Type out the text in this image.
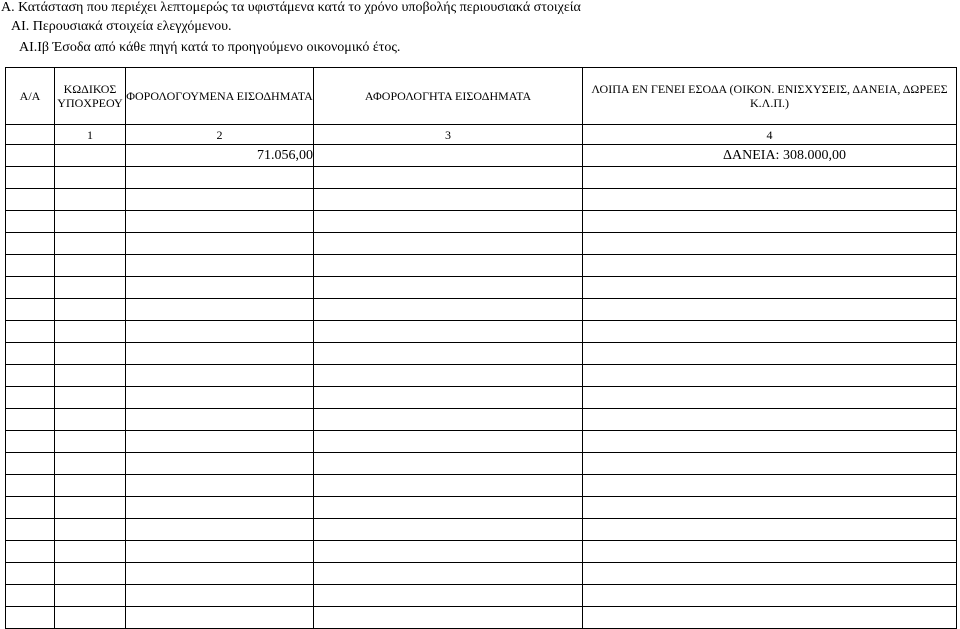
Α. Κατάσταση που περιέχει λεπτομερώς τα υφιστάμενα κατά το χρόνο υποβολής περιουσιακά στοιχεία
ΑΙ. Περουσιακά στοιχεία ελεγχόμενου.
ΑΙ.Ιβ Έσοδα από κάθε πηγή κατά το προηγούμενο οικονομικό έτος.
Α/Α	ΚΩΔΙΚΟΣ ΥΠΟΧΡΕΟΥ	ΦΟΡΟΛΟΓΟΥΜΕΝΑ ΕΙΣΟΔΗΜΑΤΑ	ΑΦΟΡΟΛΟΓΗΤΑ ΕΙΣΟΔΗΜΑΤΑ	ΛΟΙΠΑ ΕΝ ΓΕΝΕΙ ΕΣΟΔΑ (ΟΙΚΟΝ. ΕΝΙΣΧΥΣΕΙΣ, ΔΑΝΕΙΑ, ΔΩΡΕΕΣ Κ.Λ.Π.)
	1	2	3	4
		71.056,00		ΔΑΝΕΙΑ: 308.000,00
